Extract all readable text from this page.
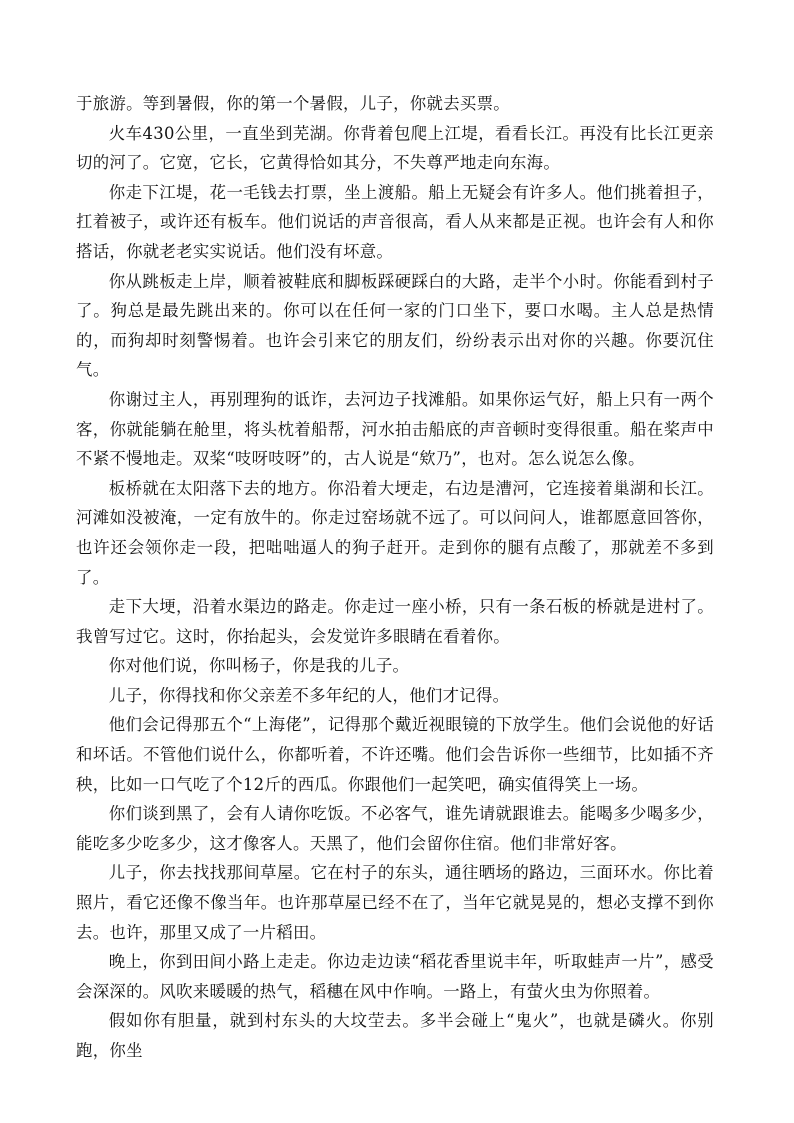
于旅游。等到暑假，你的第一个暑假，儿子，你就去买票。

火车430公里，一直坐到芜湖。你背着包爬上江堤，看看长江。再没有比长江更亲切的河了。它宽，它长，它黄得恰如其分，不失尊严地走向东海。

你走下江堤，花一毛钱去打票，坐上渡船。船上无疑会有许多人。他们挑着担子，扛着被子，或许还有板车。他们说话的声音很高，看人从来都是正视。也许会有人和你搭话，你就老老实实说话。他们没有坏意。

你从跳板走上岸，顺着被鞋底和脚板踩硬踩白的大路，走半个小时。你能看到村子了。狗总是最先跳出来的。你可以在任何一家的门口坐下，要口水喝。主人总是热情的，而狗却时刻警惕着。也许会引来它的朋友们，纷纷表示出对你的兴趣。你要沉住气。

你谢过主人，再别理狗的诋诈，去河边子找滩船。如果你运气好，船上只有一两个客，你就能躺在舱里，将头枕着船帮，河水拍击船底的声音顿时变得很重。船在桨声中不紧不慢地走。双桨“吱呀吱呀”的，古人说是“欸乃”，也对。怎么说怎么像。

板桥就在太阳落下去的地方。你沿着大埂走，右边是漕河，它连接着巢湖和长江。河滩如没被淹，一定有放牛的。你走过窑场就不远了。可以问问人，谁都愿意回答你，也许还会领你走一段，把咄咄逼人的狗子赶开。走到你的腿有点酸了，那就差不多到了。

走下大埂，沿着水渠边的路走。你走过一座小桥，只有一条石板的桥就是进村了。我曾写过它。这时，你抬起头，会发觉许多眼睛在看着你。

你对他们说，你叫杨子，你是我的儿子。

儿子，你得找和你父亲差不多年纪的人，他们才记得。

他们会记得那五个“上海佬”，记得那个戴近视眼镜的下放学生。他们会说他的好话和坏话。不管他们说什么，你都听着，不许还嘴。他们会告诉你一些细节，比如插不齐秧，比如一口气吃了个12斤的西瓜。你跟他们一起笑吧，确实值得笑上一场。

你们谈到黑了，会有人请你吃饭。不必客气，谁先请就跟谁去。能喝多少喝多少，能吃多少吃多少，这才像客人。天黑了，他们会留你住宿。他们非常好客。

儿子，你去找找那间草屋。它在村子的东头，通往晒场的路边，三面环水。你比着照片，看它还像不像当年。也许那草屋已经不在了，当年它就晃晃的，想必支撑不到你去。也许，那里又成了一片稻田。

晚上，你到田间小路上走走。你边走边读“稻花香里说丰年，听取蛙声一片”，感受会深深的。风吹来暖暖的热气，稻穗在风中作响。一路上，有萤火虫为你照着。

假如你有胆量，就到村东头的大坟茔去。多半会碰上“鬼火”，也就是磷火。你别跑，你坐
